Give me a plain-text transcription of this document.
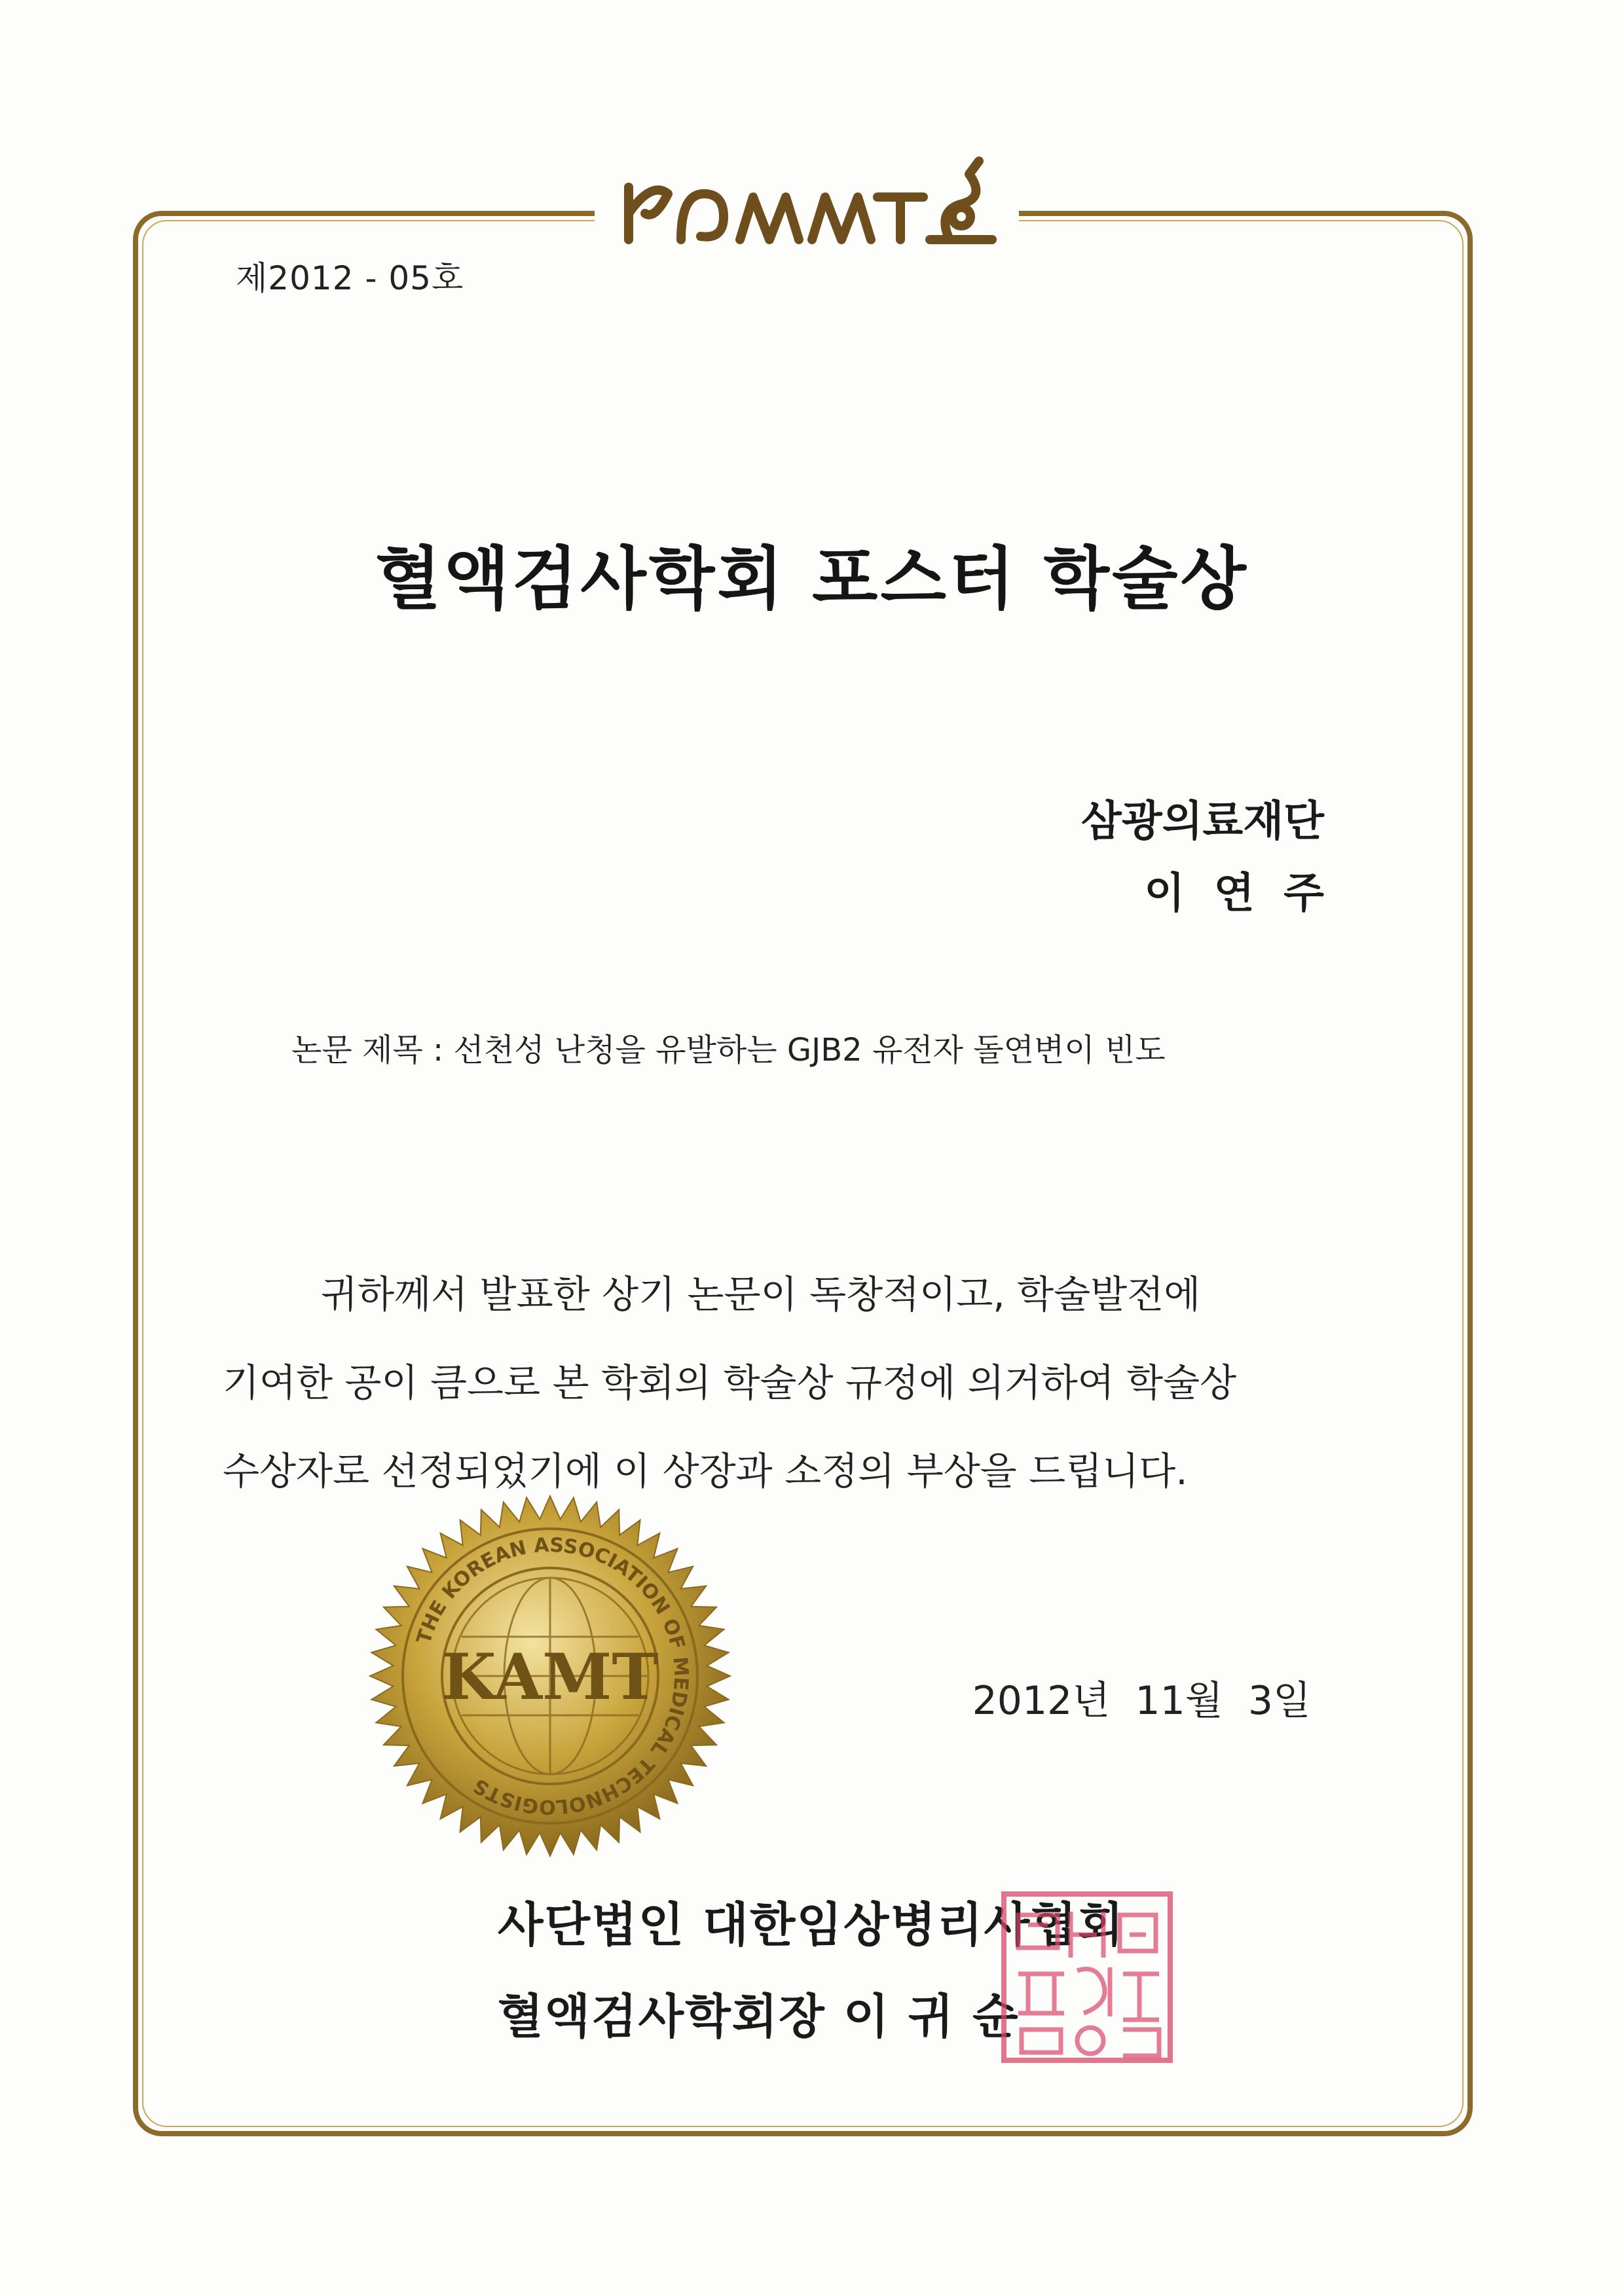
제2012 - 05호
혈액검사학회 포스터 학술상
삼광의료재단
이  연  주
논문 제목 : 선천성 난청을 유발하는 GJB2 유전자 돌연변이 빈도
귀하께서 발표한 상기 논문이 독창적이고, 학술발전에
기여한 공이 큼으로 본 학회의 학술상 규정에 의거하여 학술상
수상자로 선정되었기에 이 상장과 소정의 부상을 드립니다.
2012년  11월  3일
THE KOREAN ASSOCIATION OF MEDICAL TECHNOLOGISTS
KAMT
사단법인 대한임상병리사협회
혈액검사학회장 이 귀 순
